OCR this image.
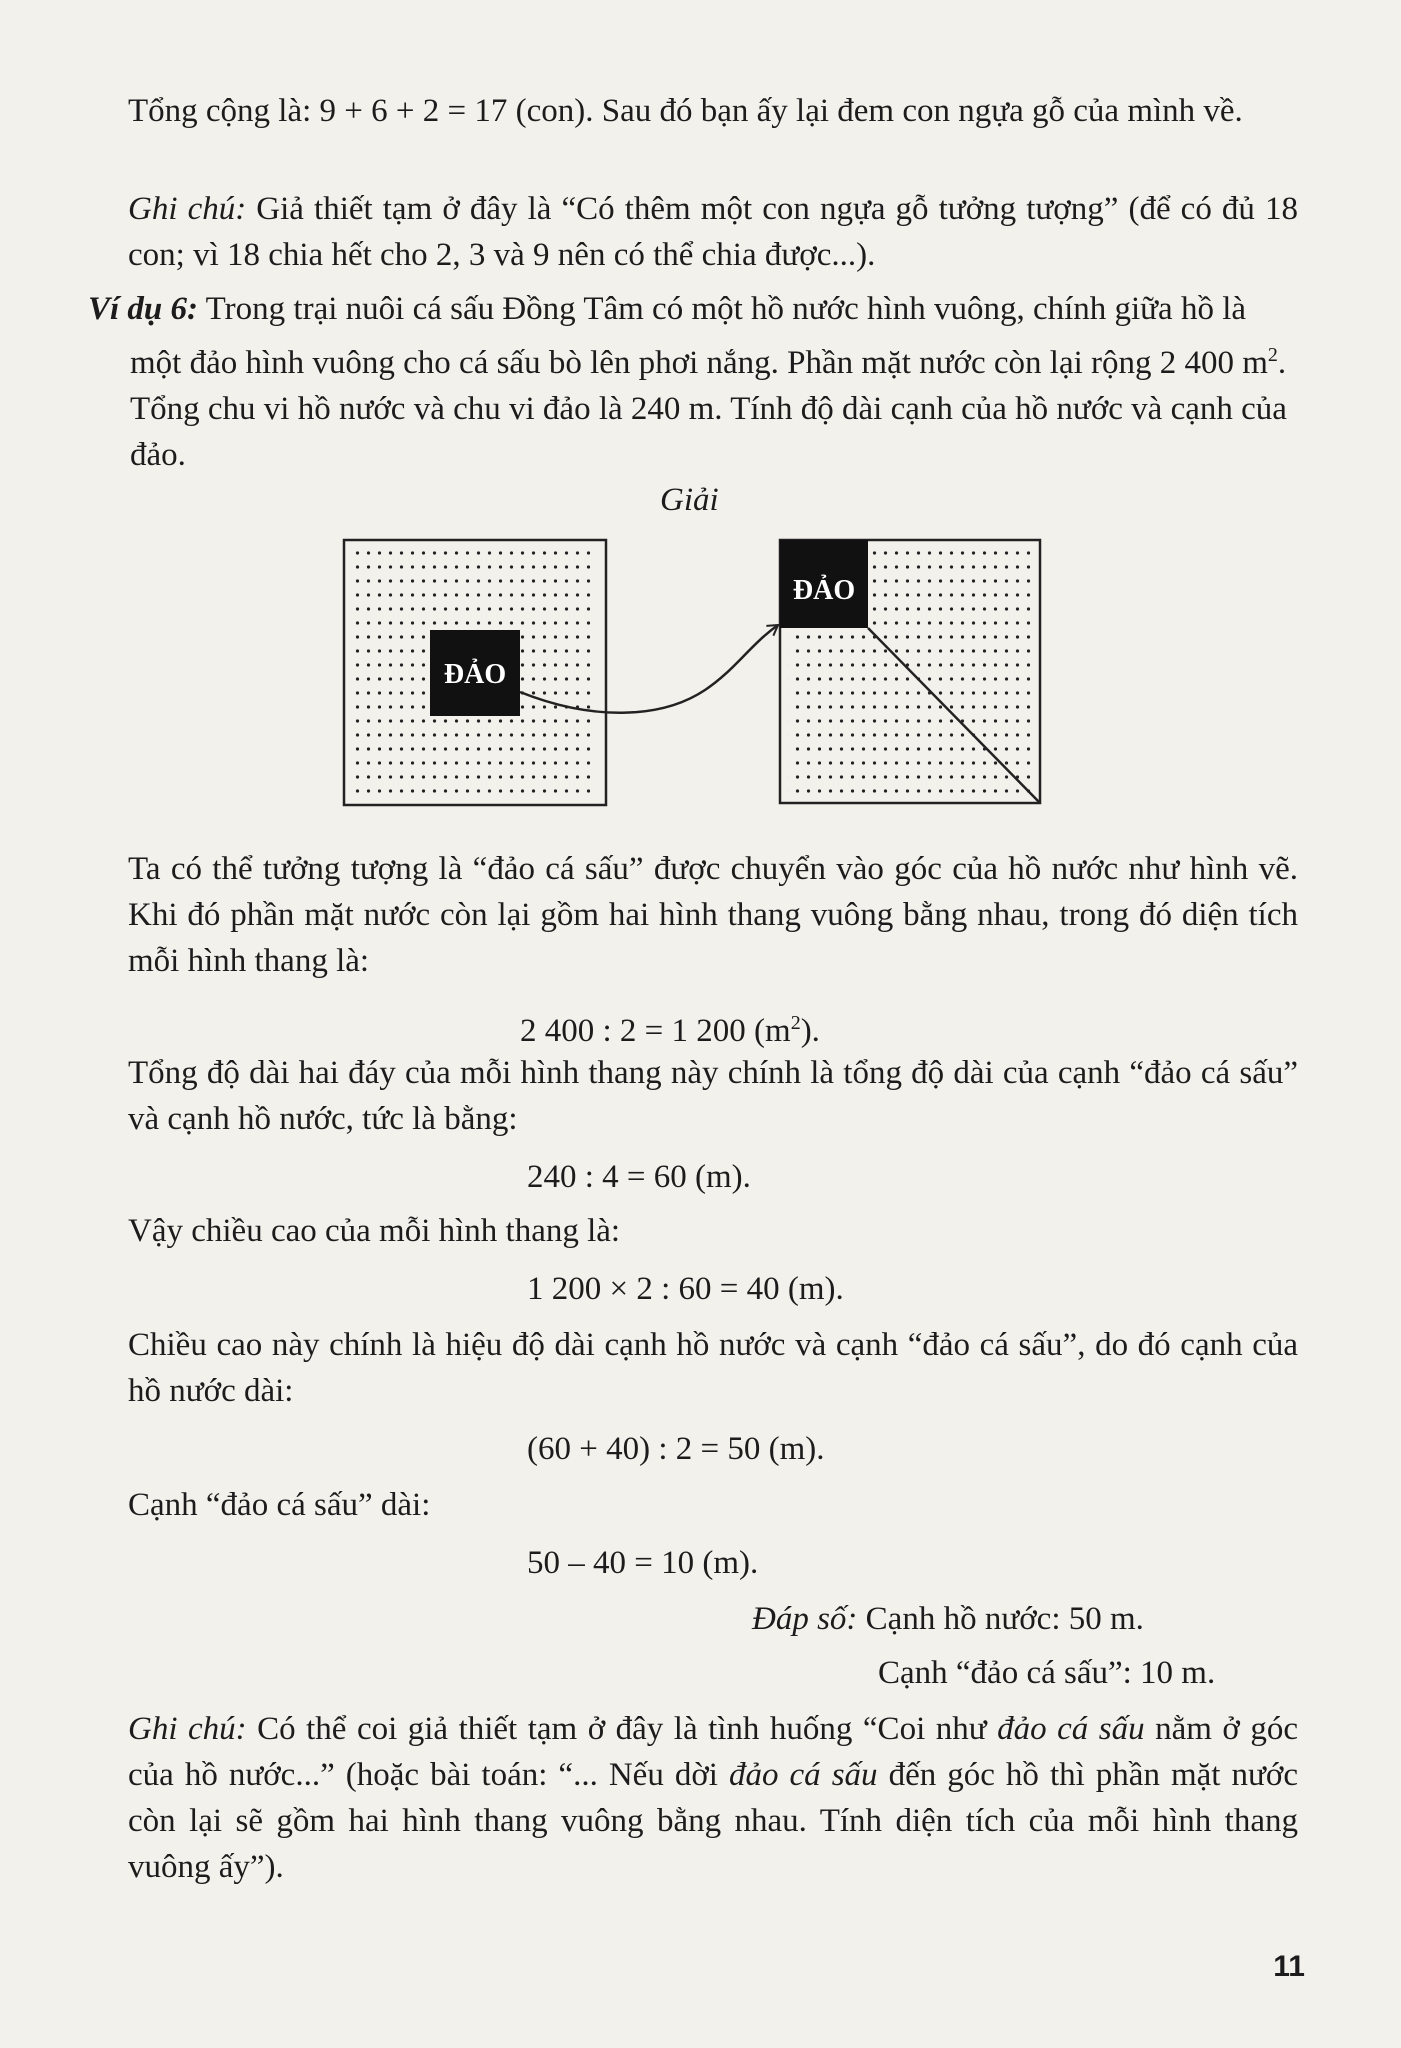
Tổng cộng là: 9 + 6 + 2 = 17 (con). Sau đó bạn ấy lại đem con ngựa gỗ của mình về.

Ghi chú: Giả thiết tạm ở đây là “Có thêm một con ngựa gỗ tưởng tượng” (để có đủ 18 con; vì 18 chia hết cho 2, 3 và 9 nên có thể chia được...).

Ví dụ 6: Trong trại nuôi cá sấu Đồng Tâm có một hồ nước hình vuông, chính giữa hồ là một đảo hình vuông cho cá sấu bò lên phơi nắng. Phần mặt nước còn lại rộng 2 400 $m^2$. Tổng chu vi hồ nước và chu vi đảo là 240 m. Tính độ dài cạnh của hồ nước và cạnh của đảo.

Giải
ĐẢO
ĐẢO

Ta có thể tưởng tượng là “đảo cá sấu” được chuyển vào góc của hồ nước như hình vẽ. Khi đó phần mặt nước còn lại gồm hai hình thang vuông bằng nhau, trong đó diện tích mỗi hình thang là:

2 400 : 2 = 1 200 $(m^2)$.

Tổng độ dài hai đáy của mỗi hình thang này chính là tổng độ dài của cạnh “đảo cá sấu” và cạnh hồ nước, tức là bằng:

240 : 4 = 60 (m).

Vậy chiều cao của mỗi hình thang là:

1 200 × 2 : 60 = 40 (m).

Chiều cao này chính là hiệu độ dài cạnh hồ nước và cạnh “đảo cá sấu”, do đó cạnh của hồ nước dài:

(60 + 40) : 2 = 50 (m).

Cạnh “đảo cá sấu” dài:

50 – 40 = 10 (m).
Đáp số: Cạnh hồ nước: 50 m.
Cạnh “đảo cá sấu”: 10 m.

Ghi chú: Có thể coi giả thiết tạm ở đây là tình huống “Coi như đảo cá sấu nằm ở góc của hồ nước...” (hoặc bài toán: “... Nếu dời đảo cá sấu đến góc hồ thì phần mặt nước còn lại sẽ gồm hai hình thang vuông bằng nhau. Tính diện tích của mỗi hình thang vuông ấy”).

11
